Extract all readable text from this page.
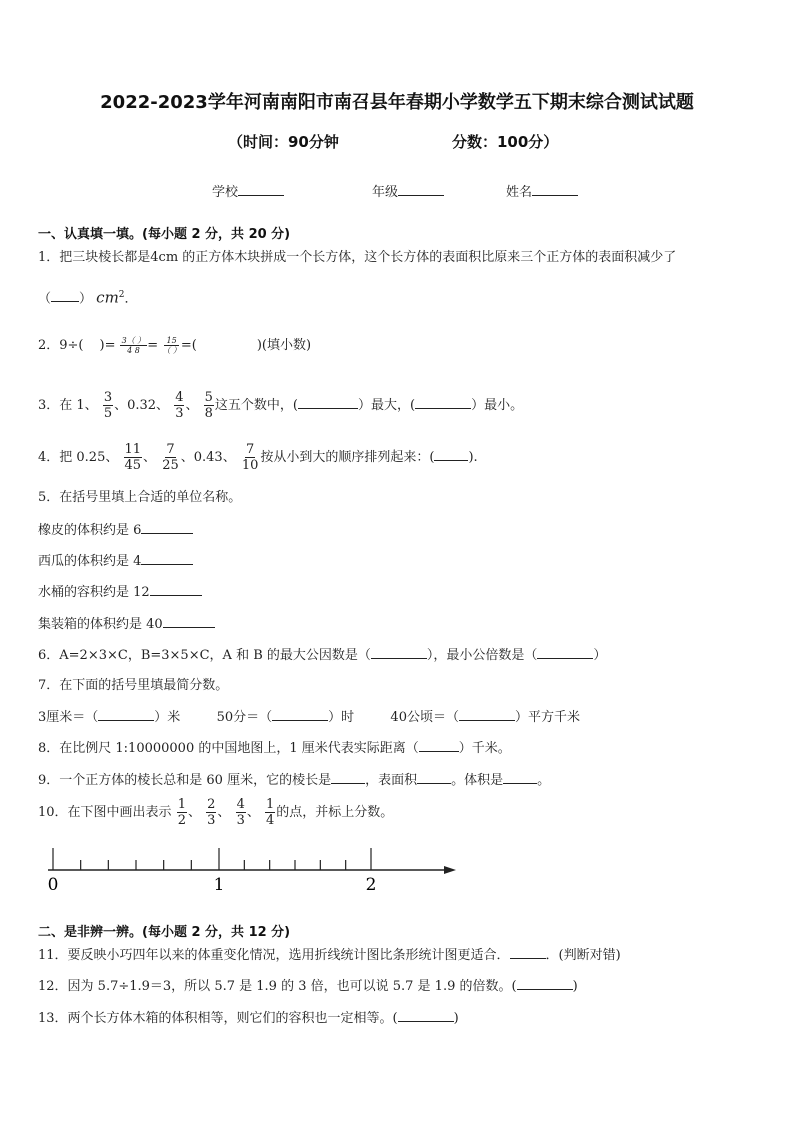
2022-2023学年河南南阳市南召县年春期小学数学五下期末综合测试试题
（时间：90分钟	分数：100分）
学校	年级	姓名
一、认真填一填。(每小题 2 分，共 20 分)
1．把三块棱长都是4cm 的正方体木块拼成一个长方体，这个长方体的表面积比原来三个正方体的表面积减少了
（ ） $cm^2$．
2．9÷( )= $\frac{3( )}{4 8} = 15$
（ ） =(	)(填小数)
3．在 1、 $\frac{3}{5}$ 、0.32、 $\frac{4}{3}$ 、 $\frac{5}{8}$ 这五个数中，(	）最大，(	）最小。
4．把 0.25、 $\frac{11}{45}$ 、 $\frac{7}{25}$ 、0.43、 $\frac{7}{10}$ 按从小到大的顺序排列起来：(	).
5．在括号里填上合适的单位名称。
橡皮的体积约是 6
西瓜的体积约是 4
水桶的容积约是 12
集装箱的体积约是 40
6．A=2×3×C，B=3×5×C，A 和 B 的最大公因数是（	），最小公倍数是（	）
7．在下面的括号里填最简分数。
3厘米＝（	）米	50分＝（	）时	40公顷＝（	）平方千米
8．在比例尺 1:10000000 的中国地图上，1 厘米代表实际距离（	）千米。
9．一个正方体的棱长总和是 60 厘米，它的棱长是	，表面积	。体积是	。
10．在下图中画出表示 $\frac{1}{2}$ 、 $\frac{2}{3}$ 、 $\frac{4}{3}$ 、 $\frac{1}{4}$ 的点，并标上分数。
0	1	2
二、是非辨一辨。(每小题 2 分，共 12 分)
11．要反映小巧四年以来的体重变化情况，选用折线统计图比条形统计图更适合．	．(判断对错)
12．因为 5.7÷1.9＝3，所以 5.7 是 1.9 的 3 倍，也可以说 5.7 是 1.9 的倍数。(	)
13．两个长方体木箱的体积相等，则它们的容积也一定相等。(	)
